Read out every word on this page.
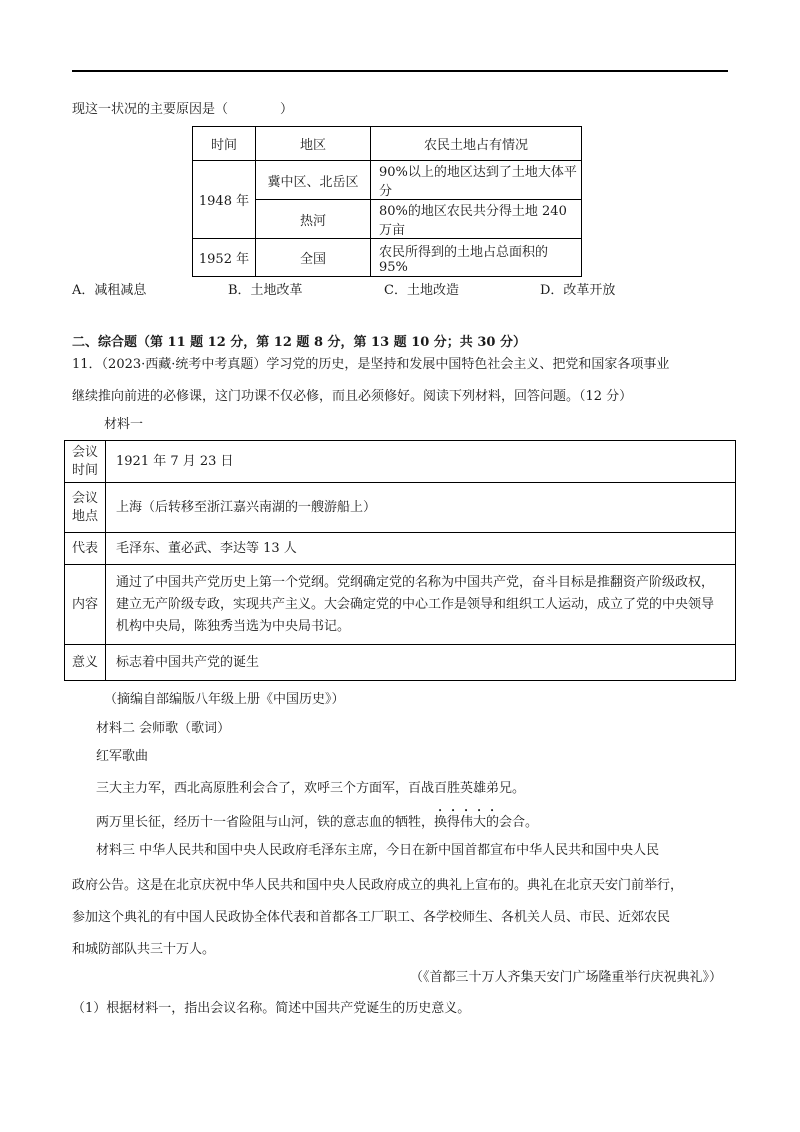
现这一状况的主要原因是（　　　　）
时间	地区	农民土地占有情况
1948 年	冀中区、北岳区	90%以上的地区达到了土地大体平分
	热河	80%的地区农民共分得土地 240 万亩
1952 年	全国	农民所得到的土地占总面积的 95%
A．减租减息	B．土地改革	C．土地改造	D．改革开放
二、综合题（第 11 题 12 分，第 12 题 8 分，第 13 题 10 分；共 30 分）
11．（2023·西藏·统考中考真题）学习党的历史，是坚持和发展中国特色社会主义、把党和国家各项事业
继续推向前进的必修课，这门功课不仅必修，而且必须修好。阅读下列材料，回答问题。（12 分）
材料一
会议时间	1921 年 7 月 23 日
会议地点	上海（后转移至浙江嘉兴南湖的一艘游船上）
代表	毛泽东、董必武、李达等 13 人
内容	通过了中国共产党历史上第一个党纲。党纲确定党的名称为中国共产党，奋斗目标是推翻资产阶级政权，建立无产阶级专政，实现共产主义。大会确定党的中心工作是领导和组织工人运动，成立了党的中央领导机构中央局，陈独秀当选为中央局书记。
意义	标志着中国共产党的诞生
（摘编自部编版八年级上册《中国历史》）
材料二 会师歌（歌词）
红军歌曲
三大主力军，西北高原胜利会合了，欢呼三个方面军，百战百胜英雄弟兄。
两万里长征，经历十一省险阻与山河，铁的意志血的牺牲，换得伟大的会合。
材料三 中华人民共和国中央人民政府毛泽东主席，今日在新中国首都宣布中华人民共和国中央人民
政府公告。这是在北京庆祝中华人民共和国中央人民政府成立的典礼上宣布的。典礼在北京天安门前举行，
参加这个典礼的有中国人民政协全体代表和首都各工厂职工、各学校师生、各机关人员、市民、近郊农民
和城防部队共三十万人。
（《首都三十万人齐集天安门广场隆重举行庆祝典礼》）
（1）根据材料一，指出会议名称。简述中国共产党诞生的历史意义。
